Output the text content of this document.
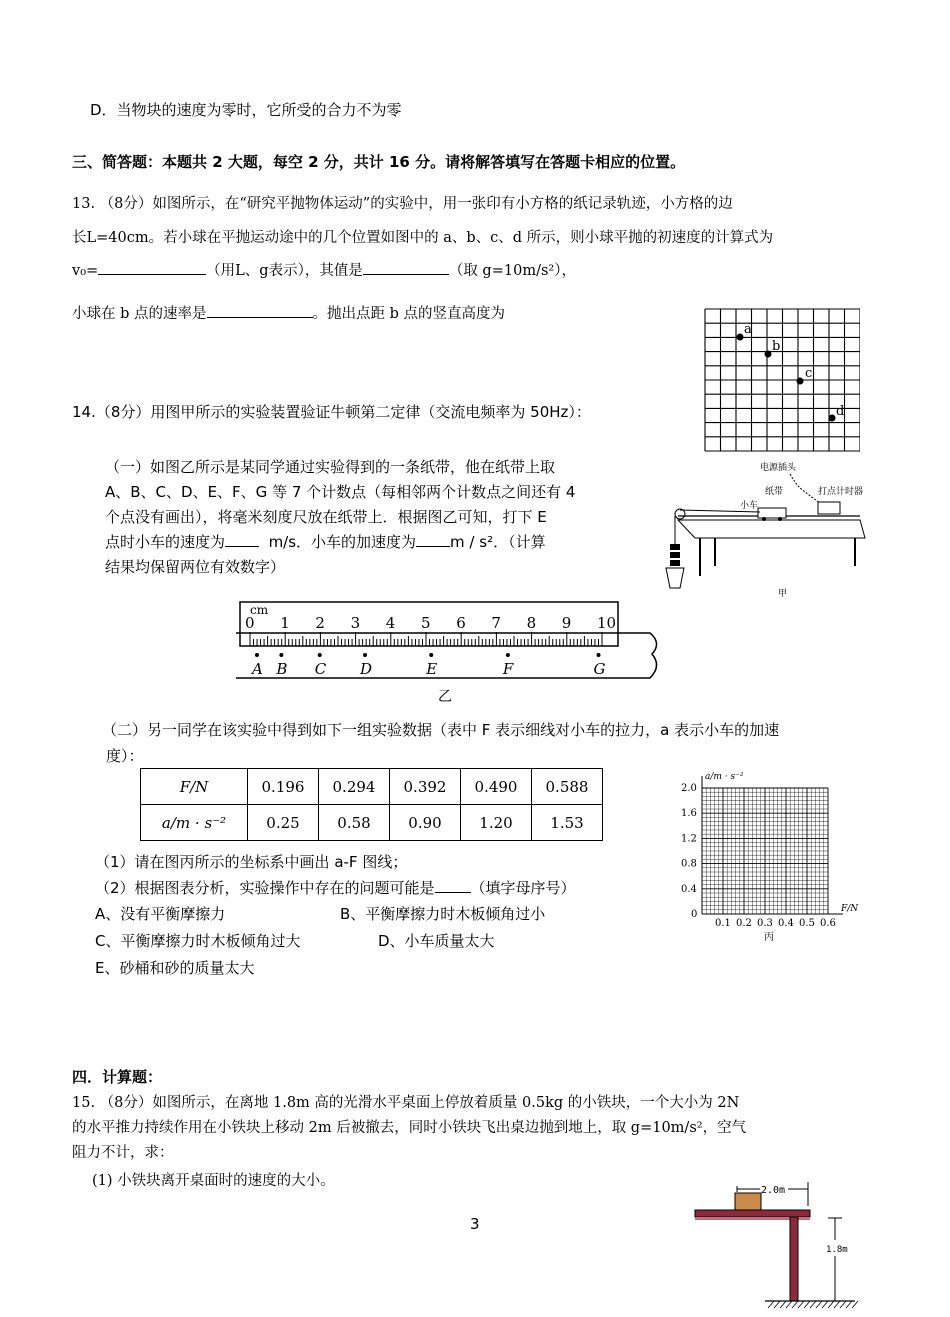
D．当物块的速度为零时，它所受的合力不为零
三、简答题：本题共 2 大题，每空 2 分，共计 16 分。请将解答填写在答题卡相应的位置。
13. （8分）如图所示，在“研究平抛物体运动”的实验中，用一张印有小方格的纸记录轨迹，小方格的边
长L=40cm。若小球在平抛运动途中的几个位置如图中的 a、b、c、d 所示，则小球平抛的初速度的计算式为
v₀=	（用L、g表示），其值是	（取 g=10m/s²），
小球在 b 点的速率是	。抛出点距 b 点的竖直高度为
a
b
c
d
14.（8分）用图甲所示的实验装置验证牛顿第二定律（交流电频率为 50Hz）：
（一）如图乙所示是某同学通过实验得到的一条纸带，他在纸带上取
A、B、C、D、E、F、G 等 7 个计数点（每相邻两个计数点之间还有 4
个点没有画出），将毫米刻度尺放在纸带上．根据图乙可知，打下 E
点时小车的速度为	m/s．小车的加速度为 m / s²．（计算
结果均保留两位有效数字）
电源插头
纸带
小车
打点计时器
甲
0 1 2 3 4 5 6 7 8 9 10
cm
A B C D	E	F	G
乙
（二）另一同学在该实验中得到如下一组实验数据（表中 F 表示细线对小车的拉力，a 表示小车的加速
度）：
F/N	0.196	0.294	0.392	0.490	0.588
a/m · s⁻²	0.25	0.58	0.90	1.20	1.53
（1）请在图丙所示的坐标系中画出 a-F 图线；
（2）根据图表分析，实验操作中存在的问题可能是 （填字母序号）
A、没有平衡摩擦力	B、平衡摩擦力时木板倾角过小
C、平衡摩擦力时木板倾角过大	D、小车质量太大
E、砂桶和砂的质量太大
a/m · s⁻²
F/N
2.0
1.6
1.2
0.8
0.4
0
0.1 0.2 0.3 0.4 0.5 0.6
丙
四．计算题：
15. （8分）如图所示，在离地 1.8m 高的光滑水平桌面上停放着质量 0.5kg 的小铁块，一个大小为 2N
的水平推力持续作用在小铁块上移动 2m 后被撤去，同时小铁块飞出桌边抛到地上，取 g=10m/s²，空气
阻力不计，求：
(1) 小铁块离开桌面时的速度的大小。
3
2.0m
1.8m
